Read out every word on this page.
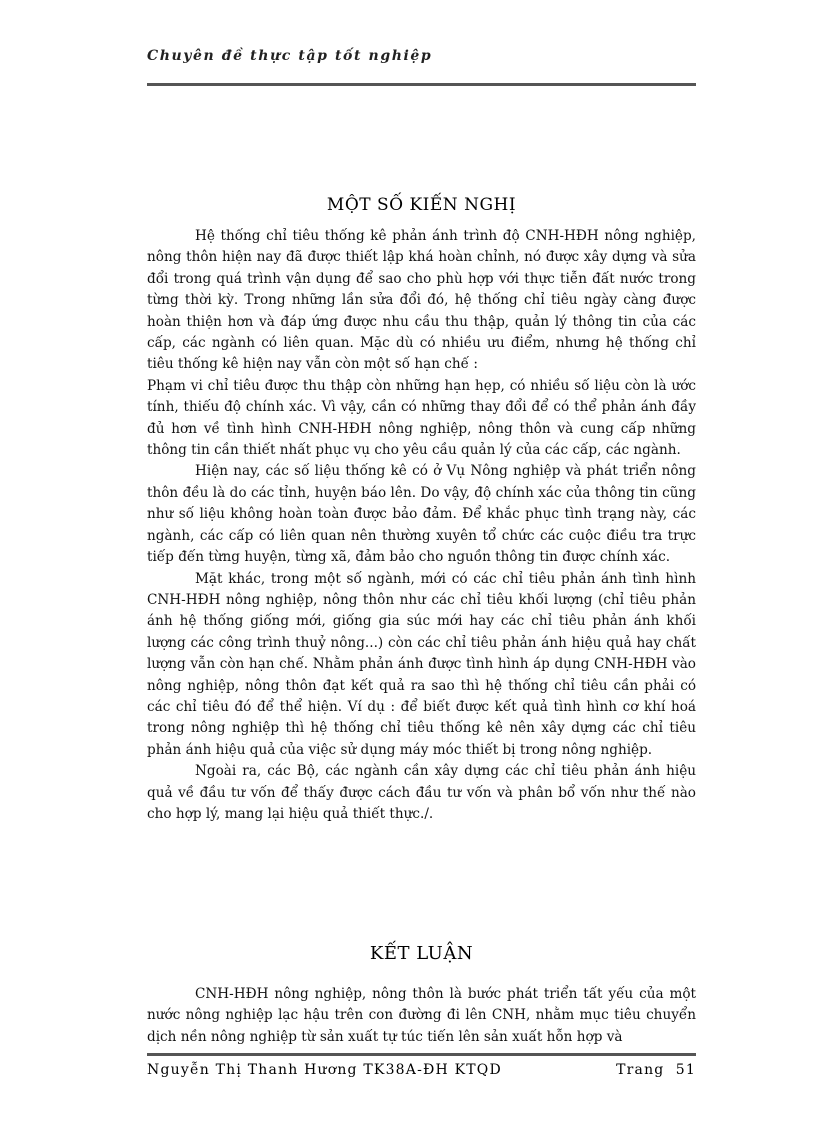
Chuyên đề thực tập tốt nghiệp
MỘT SỐ KIẾN NGHỊ

Hệ thống chỉ tiêu thống kê phản ánh trình độ CNH-HĐH nông nghiệp, nông thôn hiện nay đã được thiết lập khá hoàn chỉnh, nó được xây dựng và sửa đổi trong quá trình vận dụng để sao cho phù hợp với thực tiễn đất nước trong từng thời kỳ. Trong những lần sửa đổi đó, hệ thống chỉ tiêu ngày càng được hoàn thiện hơn và đáp ứng được nhu cầu thu thập, quản lý thông tin của các cấp, các ngành có liên quan. Mặc dù có nhiều ưu điểm, nhưng hệ thống chỉ tiêu thống kê hiện nay vẫn còn một số hạn chế :

Phạm vi chỉ tiêu được thu thập còn những hạn hẹp, có nhiều số liệu còn là ước tính, thiếu độ chính xác. Vì vậy, cần có những thay đổi để có thể phản ánh đầy đủ hơn về tình hình CNH-HĐH nông nghiệp, nông thôn và cung cấp những thông tin cần thiết nhất phục vụ cho yêu cầu quản lý của các cấp, các ngành.

Hiện nay, các số liệu thống kê có ở Vụ Nông nghiệp và phát triển nông thôn đều là do các tỉnh, huyện báo lên. Do vậy, độ chính xác của thông tin cũng như số liệu không hoàn toàn được bảo đảm. Để khắc phục tình trạng này, các ngành, các cấp có liên quan nên thường xuyên tổ chức các cuộc điều tra trực tiếp đến từng huyện, từng xã, đảm bảo cho nguồn thông tin được chính xác.

Mặt khác, trong một số ngành, mới có các chỉ tiêu phản ánh tình hình CNH-HĐH nông nghiệp, nông thôn như các chỉ tiêu khối lượng (chỉ tiêu phản ánh hệ thống giống mới, giống gia súc mới hay các chỉ tiêu phản ánh khối lượng các công trình thuỷ nông...) còn các chỉ tiêu phản ánh hiệu quả hay chất lượng vẫn còn hạn chế. Nhằm phản ánh được tình hình áp dụng CNH-HĐH vào nông nghiệp, nông thôn đạt kết quả ra sao thì hệ thống chỉ tiêu cần phải có các chỉ tiêu đó để thể hiện. Ví dụ : để biết được kết quả tình hình cơ khí hoá trong nông nghiệp thì hệ thống chỉ tiêu thống kê nên xây dựng các chỉ tiêu phản ánh hiệu quả của việc sử dụng máy móc thiết bị trong nông nghiệp.

Ngoài ra, các Bộ, các ngành cần xây dựng các chỉ tiêu phản ánh hiệu quả về đầu tư vốn để thấy được cách đầu tư vốn và phân bổ vốn như thế nào cho hợp lý, mang lại hiệu quả thiết thực./.

KẾT LUẬN

CNH-HĐH nông nghiệp, nông thôn là bước phát triển tất yếu của một nước nông nghiệp lạc hậu trên con đường đi lên CNH, nhằm mục tiêu chuyển dịch nền nông nghiệp từ sản xuất tự túc tiến lên sản xuất hỗn hợp và

Nguyễn Thị Thanh Hương TK38A-ĐH KTQD	Trang 51
